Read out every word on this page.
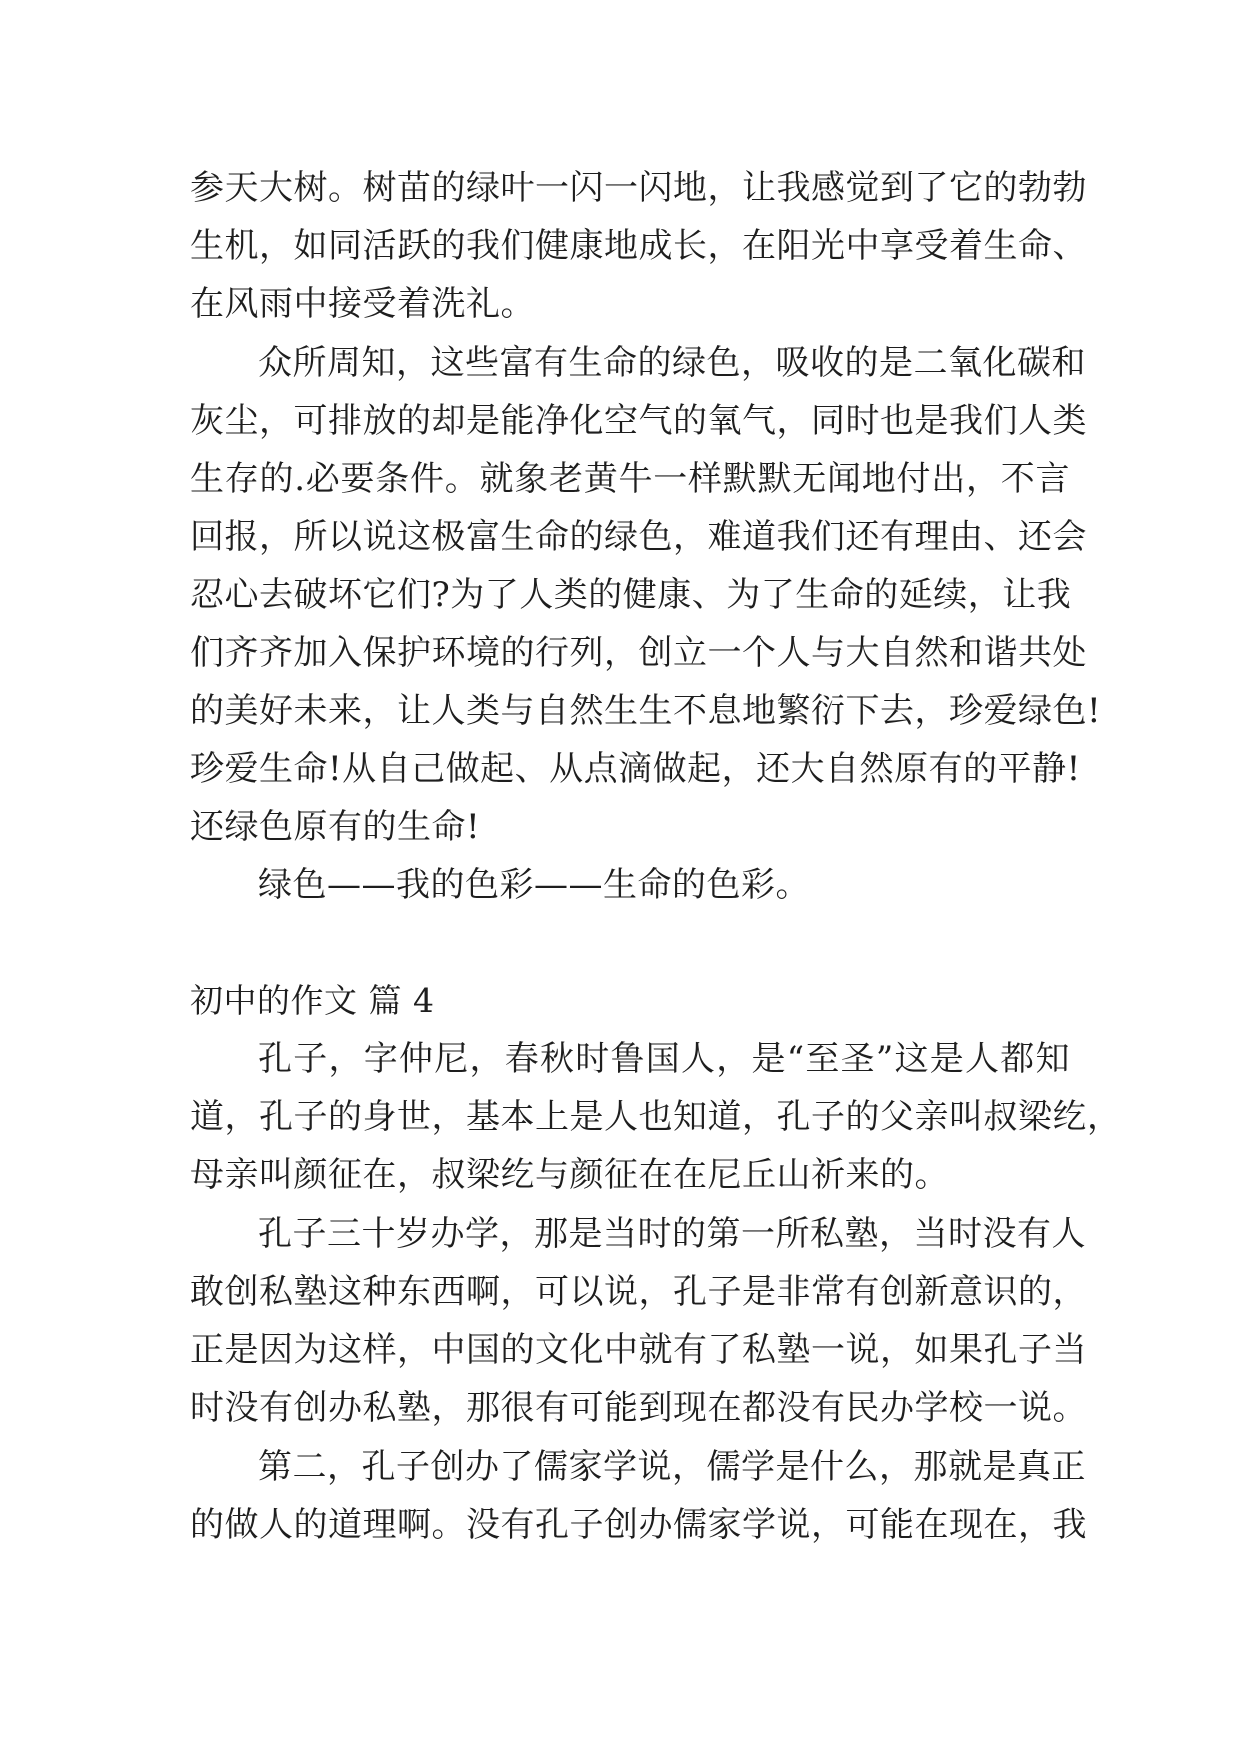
参天大树。树苗的绿叶一闪一闪地，让我感觉到了它的勃勃

生机，如同活跃的我们健康地成长，在阳光中享受着生命、

在风雨中接受着洗礼。

众所周知，这些富有生命的绿色，吸收的是二氧化碳和

灰尘，可排放的却是能净化空气的氧气，同时也是我们人类

生存的.必要条件。就象老黄牛一样默默无闻地付出，不言

回报，所以说这极富生命的绿色，难道我们还有理由、还会

忍心去破坏它们?为了人类的健康、为了生命的延续，让我

们齐齐加入保护环境的行列，创立一个人与大自然和谐共处

的美好未来，让人类与自然生生不息地繁衍下去，珍爱绿色!

珍爱生命!从自己做起、从点滴做起，还大自然原有的平静!

还绿色原有的生命!

绿色——我的色彩——生命的色彩。

初中的作文 篇 4

孔子，字仲尼，春秋时鲁国人，是“至圣”这是人都知

道，孔子的身世，基本上是人也知道，孔子的父亲叫叔梁纥，

母亲叫颜征在，叔梁纥与颜征在在尼丘山祈来的。

孔子三十岁办学，那是当时的第一所私塾，当时没有人

敢创私塾这种东西啊，可以说，孔子是非常有创新意识的，

正是因为这样，中国的文化中就有了私塾一说，如果孔子当

时没有创办私塾，那很有可能到现在都没有民办学校一说。

第二，孔子创办了儒家学说，儒学是什么，那就是真正

的做人的道理啊。没有孔子创办儒家学说，可能在现在，我
